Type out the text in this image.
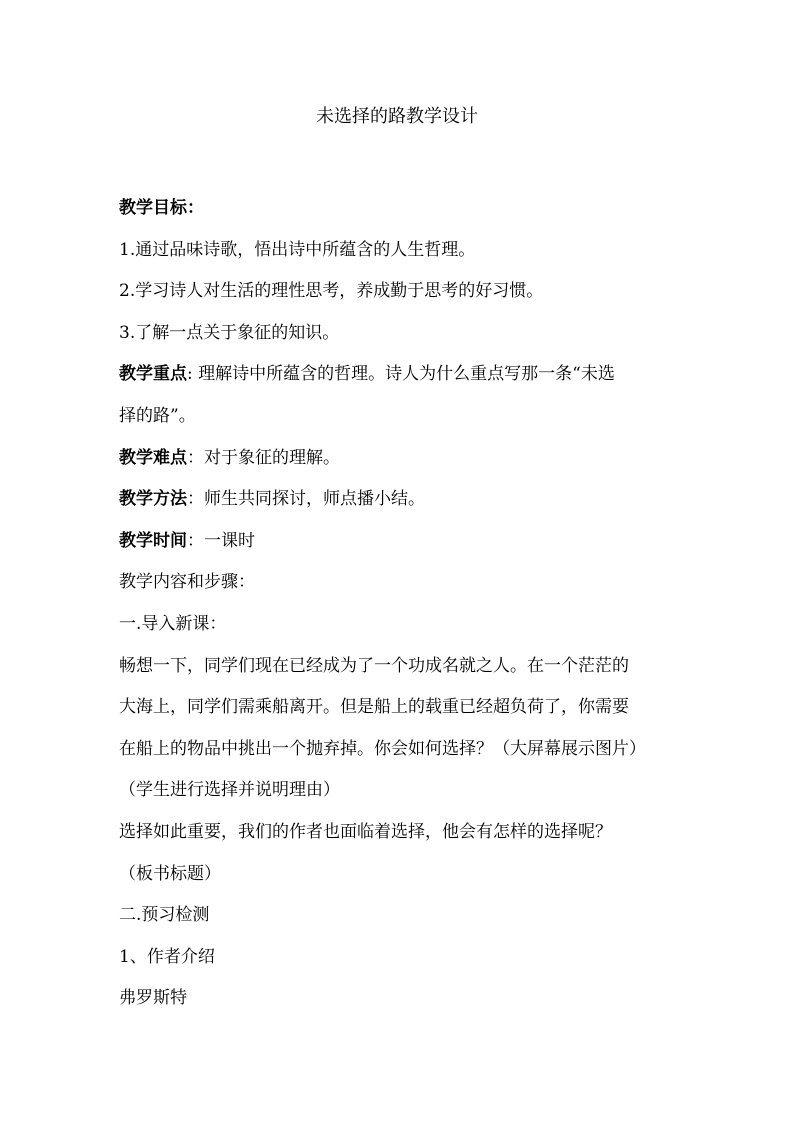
未选择的路教学设计
教学目标：
1.通过品味诗歌，悟出诗中所蕴含的人生哲理。
2.学习诗人对生活的理性思考，养成勤于思考的好习惯。
3.了解一点关于象征的知识。
教学重点: 理解诗中所蕴含的哲理。诗人为什么重点写那一条“未选
择的路”。
教学难点：对于象征的理解。
教学方法：师生共同探讨，师点播小结。
教学时间：一课时
教学内容和步骤：
一.导入新课：
畅想一下，同学们现在已经成为了一个功成名就之人。在一个茫茫的
大海上，同学们需乘船离开。但是船上的载重已经超负荷了，你需要
在船上的物品中挑出一个抛弃掉。你会如何选择？（大屏幕展示图片）
（学生进行选择并说明理由）
选择如此重要，我们的作者也面临着选择，他会有怎样的选择呢？
（板书标题）
二.预习检测
1、作者介绍
弗罗斯特
